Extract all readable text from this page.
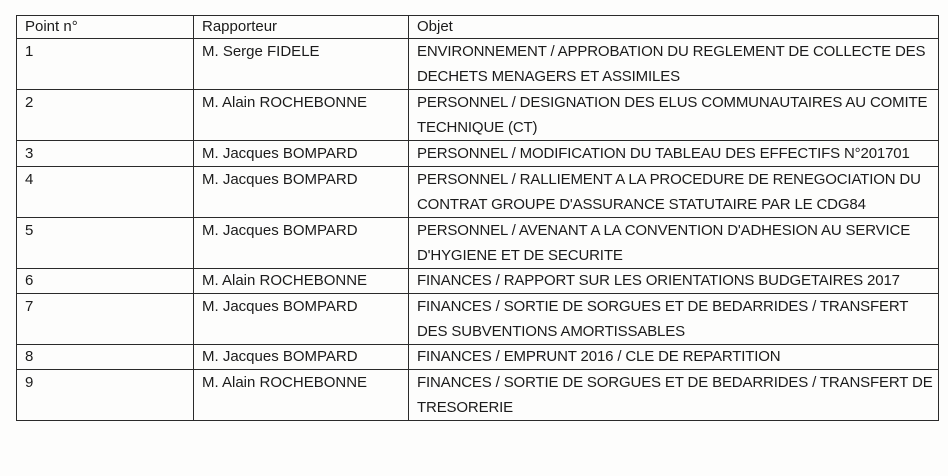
Point n°	Rapporteur	Objet
1	M. Serge FIDELE	ENVIRONNEMENT / APPROBATION DU REGLEMENT DE COLLECTE DES DECHETS MENAGERS ET ASSIMILES
2	M. Alain ROCHEBONNE	PERSONNEL / DESIGNATION DES ELUS COMMUNAUTAIRES AU COMITE TECHNIQUE (CT)
3	M. Jacques BOMPARD	PERSONNEL / MODIFICATION DU TABLEAU DES EFFECTIFS N°201701
4	M. Jacques BOMPARD	PERSONNEL / RALLIEMENT A LA PROCEDURE DE RENEGOCIATION DU CONTRAT GROUPE D'ASSURANCE STATUTAIRE PAR LE CDG84
5	M. Jacques BOMPARD	PERSONNEL / AVENANT A LA CONVENTION D'ADHESION AU SERVICE D'HYGIENE ET DE SECURITE
6	M. Alain ROCHEBONNE	FINANCES / RAPPORT SUR LES ORIENTATIONS BUDGETAIRES 2017
7	M. Jacques BOMPARD	FINANCES / SORTIE DE SORGUES ET DE BEDARRIDES / TRANSFERT DES SUBVENTIONS AMORTISSABLES
8	M. Jacques BOMPARD	FINANCES / EMPRUNT 2016 / CLE DE REPARTITION
9	M. Alain ROCHEBONNE	FINANCES / SORTIE DE SORGUES ET DE BEDARRIDES / TRANSFERT DE TRESORERIE
